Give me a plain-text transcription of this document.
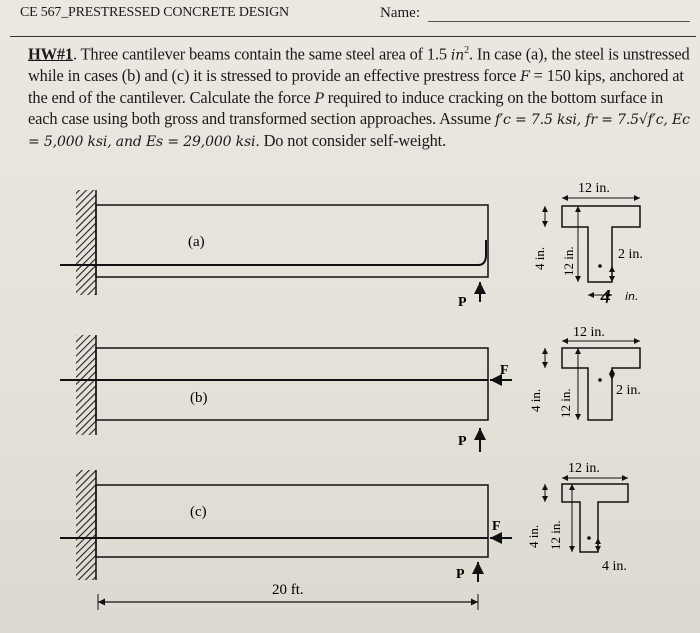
CE 567_PRESTRESSED CONCRETE DESIGN	Name:
HW#1. Three cantilever beams contain the same steel area of 1.5 $in^2$. In case (a), the steel is unstressed while in cases (b) and (c) it is stressed to provide an effective prestress force F = 150 kips, anchored at the end of the cantilever. Calculate the force P required to induce cracking on the bottom surface in each case using both gross and transformed section approaches. Assume f′c = 7.5 ksi, fr = 7.5√f′c, Ec = 5,000 ksi, and Es = 29,000 ksi. Do not consider self-weight.
(a)
P
(b)
F
P
(c)
F
P
20 ft.
12 in.
4 in. 12 in.	2 in.
4 in.
12 in.
4 in. 12 in.	2 in.
12 in.
4 in. 12 in.
4 in.
